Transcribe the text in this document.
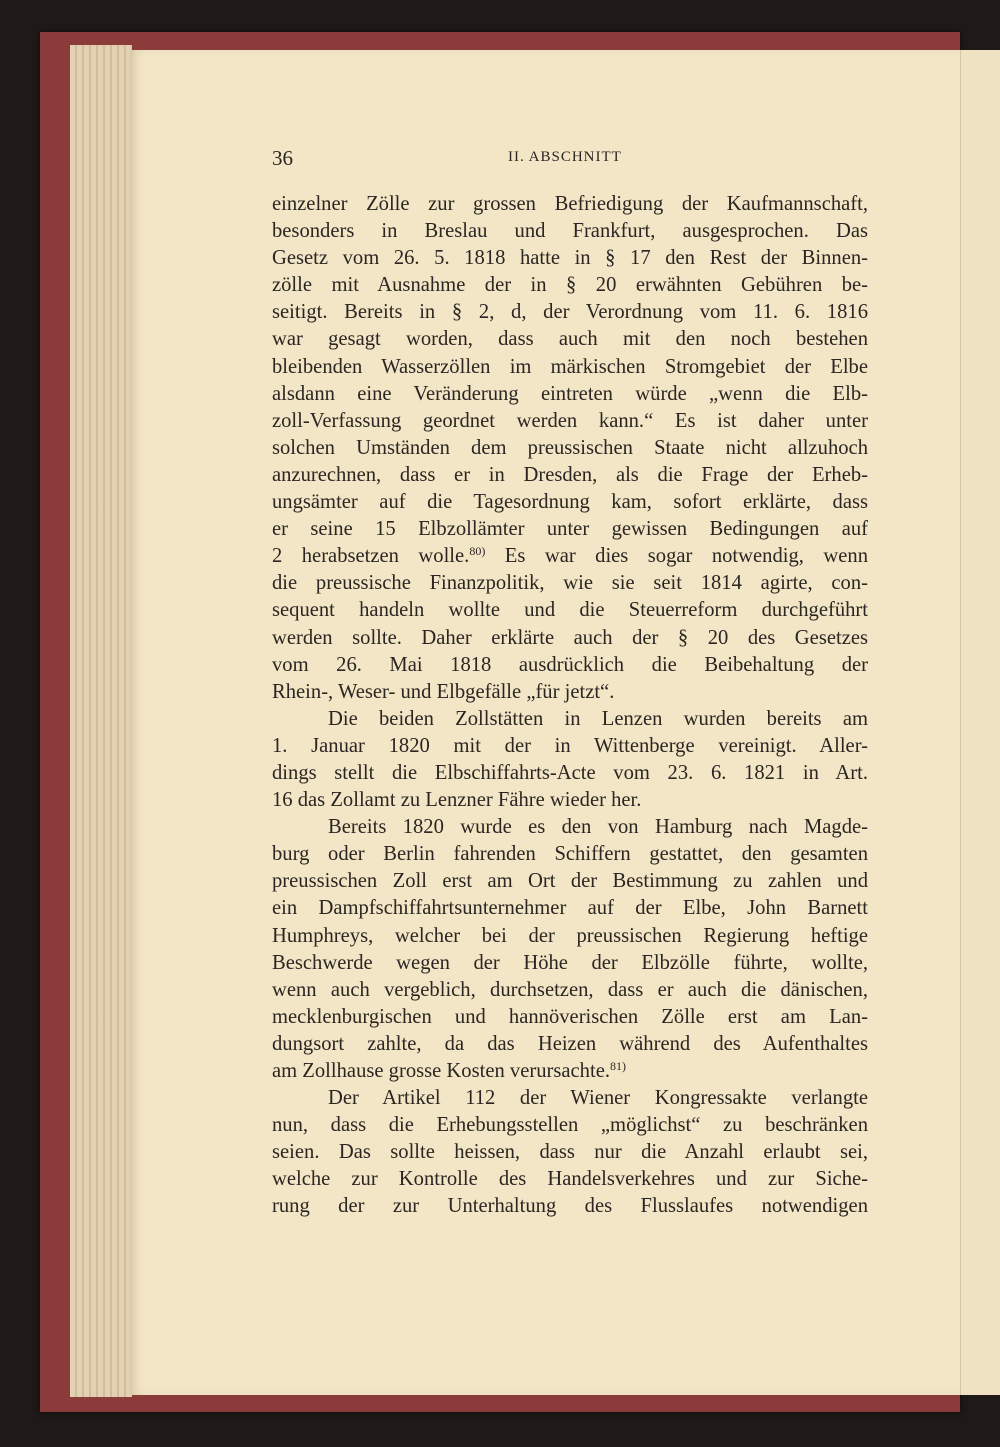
36	II. ABSCHNITT
einzelner Zölle zur grossen Befriedigung der Kaufmannschaft,
besonders in Breslau und Frankfurt, ausgesprochen. Das
Gesetz vom 26. 5. 1818 hatte in § 17 den Rest der Binnen-
zölle mit Ausnahme der in § 20 erwähnten Gebühren be-
seitigt. Bereits in § 2, d, der Verordnung vom 11. 6. 1816
war gesagt worden, dass auch mit den noch bestehen
bleibenden Wasserzöllen im märkischen Stromgebiet der Elbe
alsdann eine Veränderung eintreten würde „wenn die Elb-
zoll-Verfassung geordnet werden kann.“ Es ist daher unter
solchen Umständen dem preussischen Staate nicht allzuhoch
anzurechnen, dass er in Dresden, als die Frage der Erheb-
ungsämter auf die Tagesordnung kam, sofort erklärte, dass
er seine 15 Elbzollämter unter gewissen Bedingungen auf
2 herabsetzen wolle.$^{80)}$ Es war dies sogar notwendig, wenn
die preussische Finanzpolitik, wie sie seit 1814 agirte, con-
sequent handeln wollte und die Steuerreform durchgeführt
werden sollte. Daher erklärte auch der § 20 des Gesetzes
vom 26. Mai 1818 ausdrücklich die Beibehaltung der
Rhein-, Weser- und Elbgefälle „für jetzt“.
Die beiden Zollstätten in Lenzen wurden bereits am
1. Januar 1820 mit der in Wittenberge vereinigt. Aller-
dings stellt die Elbschiffahrts-Acte vom 23. 6. 1821 in Art.
16 das Zollamt zu Lenzner Fähre wieder her.
Bereits 1820 wurde es den von Hamburg nach Magde-
burg oder Berlin fahrenden Schiffern gestattet, den gesamten
preussischen Zoll erst am Ort der Bestimmung zu zahlen und
ein Dampfschiffahrtsunternehmer auf der Elbe, John Barnett
Humphreys, welcher bei der preussischen Regierung heftige
Beschwerde wegen der Höhe der Elbzölle führte, wollte,
wenn auch vergeblich, durchsetzen, dass er auch die dänischen,
mecklenburgischen und hannöverischen Zölle erst am Lan-
dungsort zahlte, da das Heizen während des Aufenthaltes
am Zollhause grosse Kosten verursachte.$^{81)}$
Der Artikel 112 der Wiener Kongressakte verlangte
nun, dass die Erhebungsstellen „möglichst“ zu beschränken
seien. Das sollte heissen, dass nur die Anzahl erlaubt sei,
welche zur Kontrolle des Handelsverkehres und zur Siche-
rung der zur Unterhaltung des Flusslaufes notwendigen
